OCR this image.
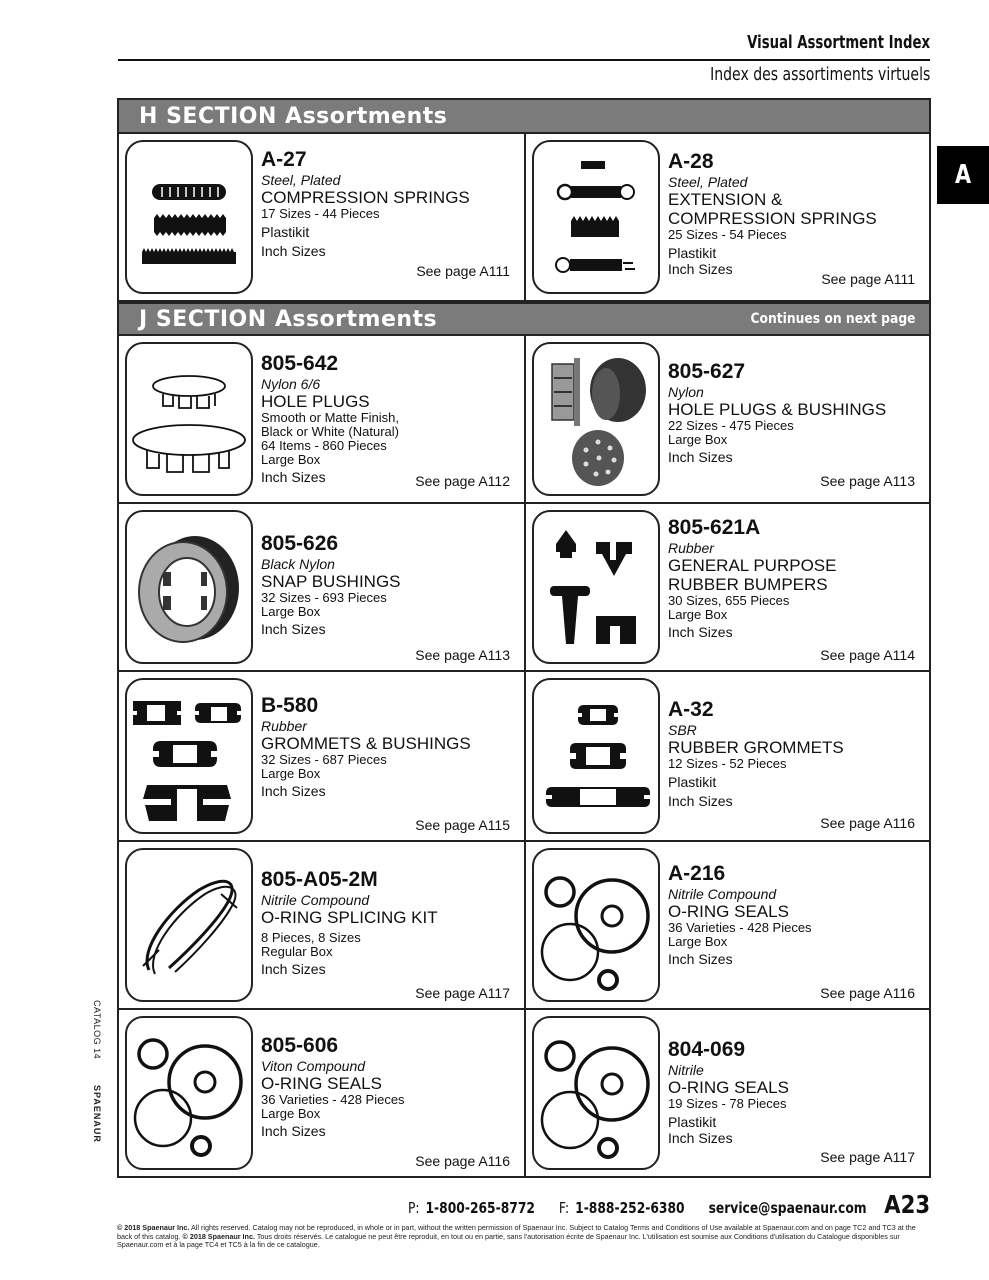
Visual Assortment Index
Index des assortiments virtuels
A
H SECTION Assortments
A-27
Steel, Plated
COMPRESSION SPRINGS
17 Sizes - 44 Pieces
Plastikit
Inch Sizes
See page A111
A-28
Steel, Plated
EXTENSION & COMPRESSION SPRINGS
25 Sizes - 54 Pieces
Plastikit
Inch Sizes
See page A111
J SECTION Assortments	Continues on next page
805-642
Nylon 6/6
HOLE PLUGS
Smooth or Matte Finish,
Black or White (Natural)
64 Items - 860 Pieces
Large Box
Inch Sizes	See page A112
805-627
Nylon
HOLE PLUGS & BUSHINGS
22 Sizes - 475 Pieces
Large Box
Inch Sizes
See page A113
805-626
Black Nylon
SNAP BUSHINGS
32 Sizes - 693 Pieces
Large Box
Inch Sizes
See page A113
805-621A
Rubber
GENERAL PURPOSE RUBBER BUMPERS
30 Sizes, 655 Pieces
Large Box
Inch Sizes
See page A114
B-580
Rubber
GROMMETS & BUSHINGS
32 Sizes - 687 Pieces
Large Box
Inch Sizes
See page A115
A-32
SBR
RUBBER GROMMETS
12 Sizes - 52 Pieces
Plastikit
Inch Sizes
See page A116
805-A05-2M
Nitrile Compound
O-RING SPLICING KIT
8 Pieces, 8 Sizes
Regular Box
Inch Sizes
See page A117
A-216
Nitrile Compound
O-RING SEALS
36 Varieties - 428 Pieces
Large Box
Inch Sizes
See page A116
805-606
Viton Compound
O-RING SEALS
36 Varieties - 428 Pieces
Large Box
Inch Sizes
See page A116
804-069
Nitrile
O-RING SEALS
19 Sizes - 78 Pieces
Plastikit
Inch Sizes
See page A117
CATALOG 14
SPAENAUR
P: 1-800-265-8772 F: 1-888-252-6380 service@spaenaur.com A23
© 2018 Spaenaur Inc. All rights reserved. Catalog may not be reproduced, in whole or in part, without the written permission of Spaenaur Inc. Subject to Catalog Terms and Conditions of Use available at Spaenaur.com and on page TC2 and TC3 at the back of this catalog. © 2018 Spaenaur Inc. Tous droits réservés. Le catalogue ne peut être reproduit, en tout ou en partie, sans l'autorisation écrite de Spaenaur Inc. L'utilisation est soumise aux Conditions d'utilisation du Catalogue disponibles sur Spaenaur.com et à la page TC4 et TC5 à la fin de ce catalogue.
